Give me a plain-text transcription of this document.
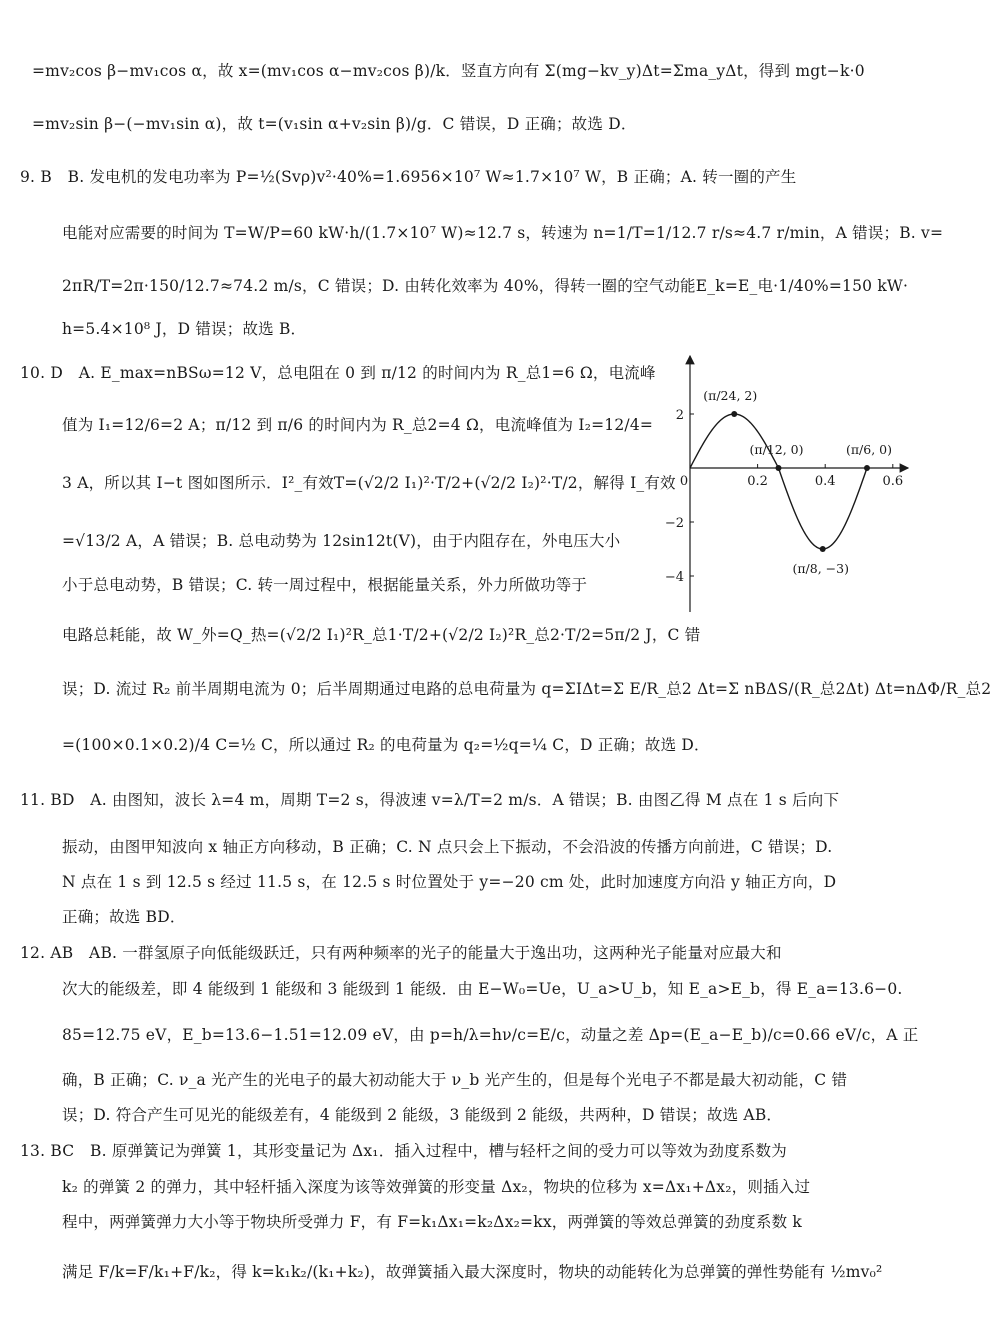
=mv₂cos β−mv₁cos α，故 x=(mv₁cos α−mv₂cos β)/k．竖直方向有 Σ(mg−kv_y)Δt=Σma_yΔt，得到 mgt−k·0
=mv₂sin β−(−mv₁sin α)，故 t=(v₁sin α+v₂sin β)/g．C 错误，D 正确；故选 D．
9. B　B. 发电机的发电功率为 P=½(Svρ)v²·40%=1.6956×10⁷ W≈1.7×10⁷ W，B 正确；A. 转一圈的产生
电能对应需要的时间为 T=W/P=60 kW·h/(1.7×10⁷ W)≈12.7 s，转速为 n=1/T=1/12.7 r/s≈4.7 r/min，A 错误；B. v=
2πR/T=2π·150/12.7≈74.2 m/s，C 错误；D. 由转化效率为 40%，得转一圈的空气动能E_k=E_电·1/40%=150 kW·
h=5.4×10⁸ J，D 错误；故选 B．
10. D　A. E_max=nBSω=12 V，总电阻在 0 到 π/12 的时间内为 R_总1=6 Ω，电流峰
值为 I₁=12/6=2 A；π/12 到 π/6 的时间内为 R_总2=4 Ω，电流峰值为 I₂=12/4=
3 A，所以其 I−t 图如图所示．I²_有效T=(√2/2 I₁)²·T/2+(√2/2 I₂)²·T/2，解得 I_有效
=√13/2 A，A 错误；B. 总电动势为 12sin12t(V)，由于内阻存在，外电压大小
小于总电动势，B 错误；C. 转一周过程中，根据能量关系，外力所做功等于
电路总耗能，故 W_外=Q_热=(√2/2 I₁)²R_总1·T/2+(√2/2 I₂)²R_总2·T/2=5π/2 J，C 错
误；D. 流过 R₂ 前半周期电流为 0；后半周期通过电路的总电荷量为 q=ΣIΔt=Σ E/R_总2 Δt=Σ nBΔS/(R_总2Δt) Δt=nΔΦ/R_总2
=(100×0.1×0.2)/4 C=½ C，所以通过 R₂ 的电荷量为 q₂=½q=¼ C，D 正确；故选 D．
11. BD　A. 由图知，波长 λ=4 m，周期 T=2 s，得波速 v=λ/T=2 m/s．A 错误；B. 由图乙得 M 点在 1 s 后向下
振动，由图甲知波向 x 轴正方向移动，B 正确；C. N 点只会上下振动，不会沿波的传播方向前进，C 错误；D.
N 点在 1 s 到 12.5 s 经过 11.5 s，在 12.5 s 时位置处于 y=−20 cm 处，此时加速度方向沿 y 轴正方向，D
正确；故选 BD．
12. AB　AB. 一群氢原子向低能级跃迁，只有两种频率的光子的能量大于逸出功，这两种光子能量对应最大和
次大的能级差，即 4 能级到 1 能级和 3 能级到 1 能级．由 E−W₀=Ue，U_a>U_b，知 E_a>E_b，得 E_a=13.6−0.
85=12.75 eV，E_b=13.6−1.51=12.09 eV，由 p=h/λ=hν/c=E/c，动量之差 Δp=(E_a−E_b)/c=0.66 eV/c，A 正
确，B 正确；C. ν_a 光产生的光电子的最大初动能大于 ν_b 光产生的，但是每个光电子不都是最大初动能，C 错
误；D. 符合产生可见光的能级差有，4 能级到 2 能级，3 能级到 2 能级，共两种，D 错误；故选 AB．
13. BC　B. 原弹簧记为弹簧 1，其形变量记为 Δx₁．插入过程中，槽与轻杆之间的受力可以等效为劲度系数为
k₂ 的弹簧 2 的弹力，其中轻杆插入深度为该等效弹簧的形变量 Δx₂，物块的位移为 x=Δx₁+Δx₂，则插入过
程中，两弹簧弹力大小等于物块所受弹力 F，有 F=k₁Δx₁=k₂Δx₂=kx，两弹簧的等效总弹簧的劲度系数 k
满足 F/k=F/k₁+F/k₂，得 k=k₁k₂/(k₁+k₂)，故弹簧插入最大深度时，物块的动能转化为总弹簧的弹性势能有 ½mv₀²
0	0.2	0.4	0.6
2
−2
−4
(π/24, 2)
(π/12, 0)	(π/6, 0)
(π/8, −3)
